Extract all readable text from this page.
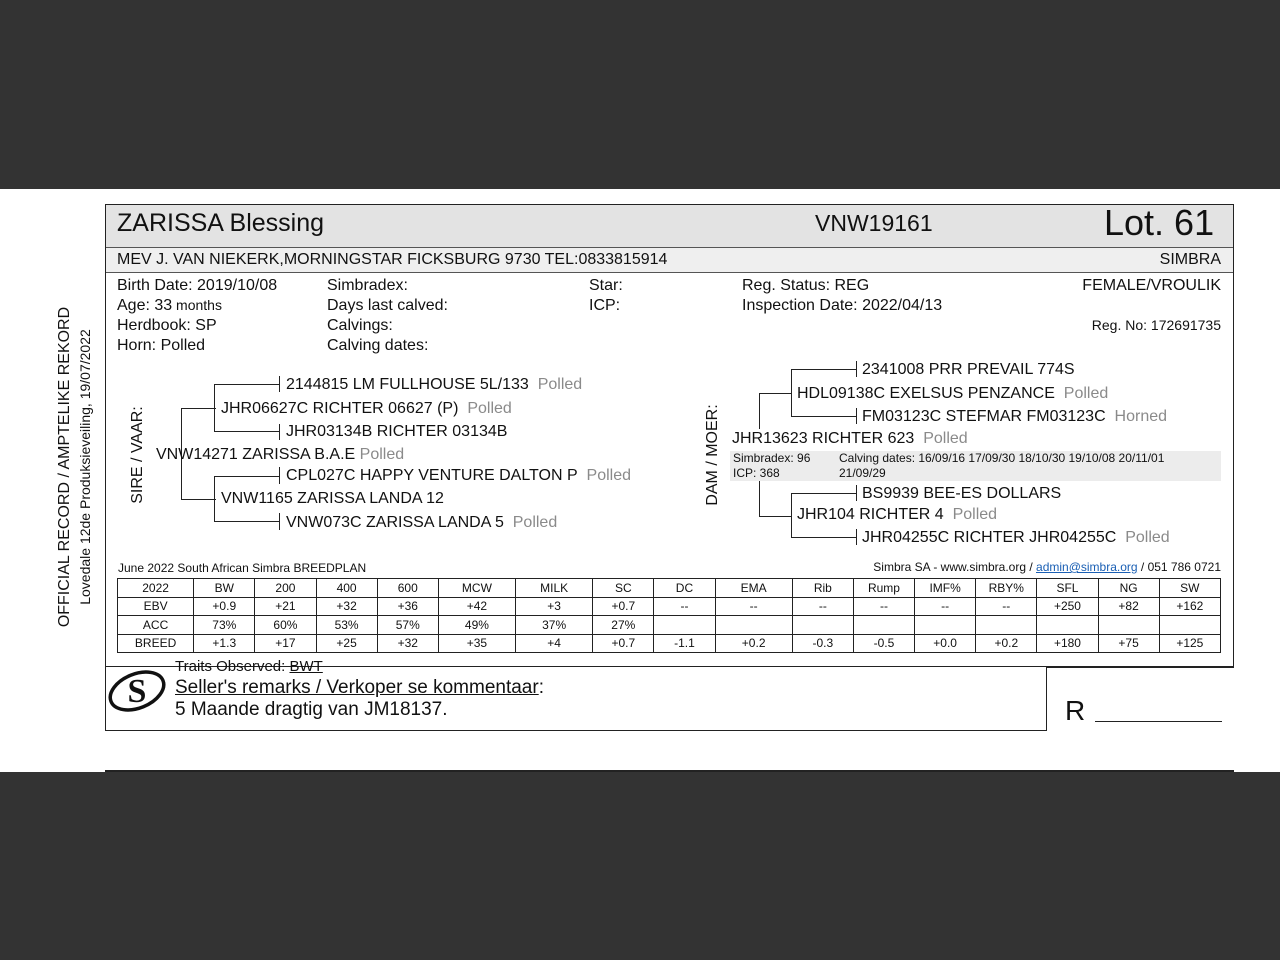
OFFICIAL RECORD / AMPTELIKE REKORD Lovedale 12de Produksieveiling, 19/07/2022
ZARISSA Blessing	VNW19161	Lot. 61
MEV J. VAN NIEKERK,MORNINGSTAR FICKSBURG 9730 TEL:0833815914	SIMBRA
Birth Date: 2019/10/08
Age: 33 months
Herdbook: SP
Horn: Polled
Simbradex:
Days last calved:
Calvings:
Calving dates:
Star:
ICP:
Reg. Status: REG
Inspection Date: 2022/04/13
FEMALE/VROULIK
Reg. No: 172691735
SIRE / VAAR:
2144815 LM FULLHOUSE 5L/133 Polled
JHR06627C RICHTER 06627 (P) Polled
JHR03134B RICHTER 03134B
VNW14271 ZARISSA B.A.E Polled
CPL027C HAPPY VENTURE DALTON P Polled
VNW1165 ZARISSA LANDA 12
VNW073C ZARISSA LANDA 5 Polled
DAM / MOER:
2341008 PRR PREVAIL 774S
HDL09138C EXELSUS PENZANCE Polled
FM03123C STEFMAR FM03123C Horned
JHR13623 RICHTER 623 Polled
Simbradex: 96
ICP: 368
Calving dates: 16/09/16 17/09/30 18/10/30 19/10/08 20/11/01
21/09/29
BS9939 BEE-ES DOLLARS
JHR104 RICHTER 4 Polled
JHR04255C RICHTER JHR04255C Polled
June 2022 South African Simbra BREEDPLAN	Simbra SA - www.simbra.org / admin@simbra.org / 051 786 0721
2022	BW	200	400	600	MCW	MILK	SC	DC	EMA	Rib	Rump	IMF%	RBY%	SFL	NG	SW
EBV	+0.9	+21	+32	+36	+42	+3	+0.7	--	--	--	--	--	--	+250	+82	+162
ACC	73%	60%	53%	57%	49%	37%	27%									
BREED	+1.3	+17	+25	+32	+35	+4	+0.7	-1.1	+0.2	-0.3	-0.5	+0.0	+0.2	+180	+75	+125
S
Traits Observed: BWT
Seller's remarks / Verkoper se kommentaar:
5 Maande dragtig van JM18137.	R
